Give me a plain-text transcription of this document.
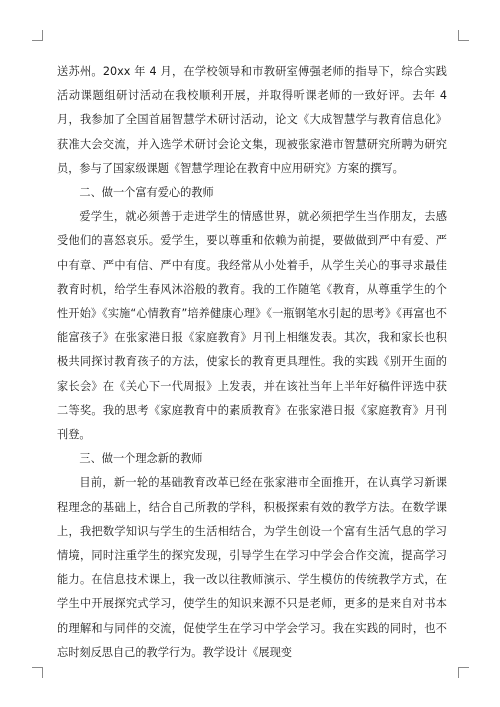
送苏州。20xx 年 4 月，在学校领导和市教研室傅强老师的指导下，综合实践活动课题组研讨活动在我校顺利开展，并取得听课老师的一致好评。去年 4 月，我参加了全国首届智慧学术研讨活动，论文《大成智慧学与教育信息化》获准大会交流，并入选学术研讨会论文集，现被张家港市智慧研究所聘为研究员，参与了国家级课题《智慧学理论在教育中应用研究》方案的撰写。

二、做一个富有爱心的教师

爱学生，就必须善于走进学生的情感世界，就必须把学生当作朋友，去感受他们的喜怒哀乐。爱学生，要以尊重和依赖为前提，要做做到严中有爱、严中有章、严中有信、严中有度。我经常从小处着手，从学生关心的事寻求最佳教育时机，给学生春风沐浴般的教育。我的工作随笔《教育，从尊重学生的个性开始》《实施“心情教育”培养健康心理》《一瓶钢笔水引起的思考》《再富也不能富孩子》在张家港日报《家庭教育》月刊上相继发表。其次，我和家长也积极共同探讨教育孩子的方法，使家长的教育更具理性。我的实践《别开生面的家长会》在《关心下一代周报》上发表，并在该社当年上半年好稿件评选中获二等奖。我的思考《家庭教育中的素质教育》在张家港日报《家庭教育》月刊刊登。

三、做一个理念新的教师

目前，新一轮的基础教育改革已经在张家港市全面推开，在认真学习新课程理念的基础上，结合自己所教的学科，积极探索有效的教学方法。在数学课上，我把数学知识与学生的生活相结合，为学生创设一个富有生活气息的学习情境，同时注重学生的探究发现，引导学生在学习中学会合作交流，提高学习能力。在信息技术课上，我一改以往教师演示、学生模仿的传统教学方式，在学生中开展探究式学习，使学生的知识来源不只是老师，更多的是来自对书本的理解和与同伴的交流，促使学生在学习中学会学习。我在实践的同时，也不忘时刻反思自己的教学行为。教学设计《展现变
